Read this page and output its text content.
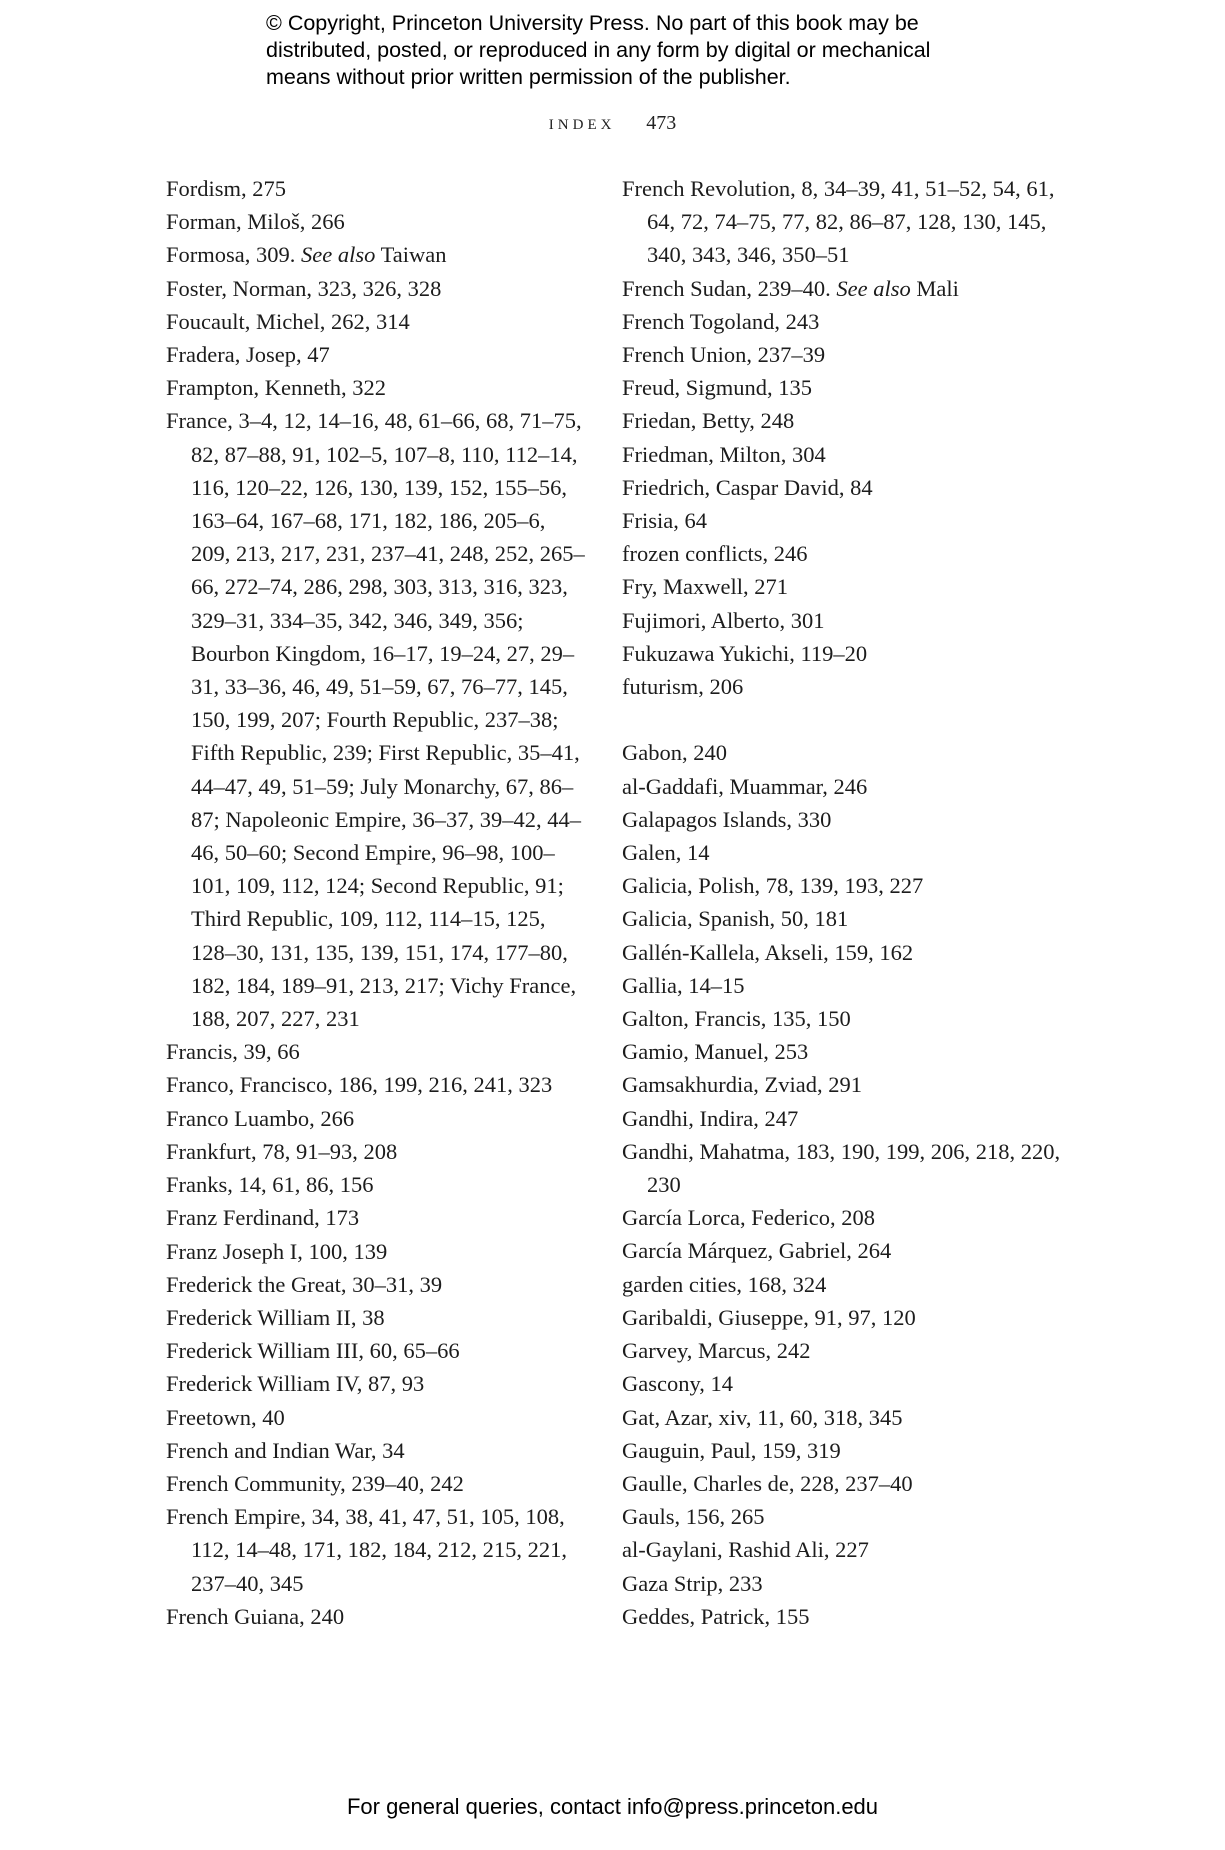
© Copyright, Princeton University Press. No part of this book may be
distributed, posted, or reproduced in any form by digital or mechanical
means without prior written permission of the publisher.
INDEX 473
Fordism, 275
Forman, Miloš, 266
Formosa, 309. See also Taiwan
Foster, Norman, 323, 326, 328
Foucault, Michel, 262, 314
Fradera, Josep, 47
Frampton, Kenneth, 322
France, 3–4, 12, 14–16, 48, 61–66, 68, 71–75, 82, 87–88, 91, 102–5, 107–8, 110, 112–14, 116, 120–22, 126, 130, 139, 152, 155–56, 163–64, 167–68, 171, 182, 186, 205–6, 209, 213, 217, 231, 237–41, 248, 252, 265–66, 272–74, 286, 298, 303, 313, 316, 323, 329–31, 334–35, 342, 346, 349, 356; Bourbon Kingdom, 16–17, 19–24, 27, 29–31, 33–36, 46, 49, 51–59, 67, 76–77, 145, 150, 199, 207; Fourth Republic, 237–38; Fifth Republic, 239; First Republic, 35–41, 44–47, 49, 51–59; July Monarchy, 67, 86–87; Napoleonic Empire, 36–37, 39–42, 44–46, 50–60; Second Empire, 96–98, 100–101, 109, 112, 124; Second Republic, 91; Third Republic, 109, 112, 114–15, 125, 128–30, 131, 135, 139, 151, 174, 177–80, 182, 184, 189–91, 213, 217; Vichy France, 188, 207, 227, 231
Francis, 39, 66
Franco, Francisco, 186, 199, 216, 241, 323
Franco Luambo, 266
Frankfurt, 78, 91–93, 208
Franks, 14, 61, 86, 156
Franz Ferdinand, 173
Franz Joseph I, 100, 139
Frederick the Great, 30–31, 39
Frederick William II, 38
Frederick William III, 60, 65–66
Frederick William IV, 87, 93
Freetown, 40
French and Indian War, 34
French Community, 239–40, 242
French Empire, 34, 38, 41, 47, 51, 105, 108, 112, 14–48, 171, 182, 184, 212, 215, 221, 237–40, 345
French Guiana, 240
French Revolution, 8, 34–39, 41, 51–52, 54, 61, 64, 72, 74–75, 77, 82, 86–87, 128, 130, 145, 340, 343, 346, 350–51
French Sudan, 239–40. See also Mali
French Togoland, 243
French Union, 237–39
Freud, Sigmund, 135
Friedan, Betty, 248
Friedman, Milton, 304
Friedrich, Caspar David, 84
Frisia, 64
frozen conflicts, 246
Fry, Maxwell, 271
Fujimori, Alberto, 301
Fukuzawa Yukichi, 119–20
futurism, 206
Gabon, 240
al-Gaddafi, Muammar, 246
Galapagos Islands, 330
Galen, 14
Galicia, Polish, 78, 139, 193, 227
Galicia, Spanish, 50, 181
Gallén-Kallela, Akseli, 159, 162
Gallia, 14–15
Galton, Francis, 135, 150
Gamio, Manuel, 253
Gamsakhurdia, Zviad, 291
Gandhi, Indira, 247
Gandhi, Mahatma, 183, 190, 199, 206, 218, 220, 230
García Lorca, Federico, 208
García Márquez, Gabriel, 264
garden cities, 168, 324
Garibaldi, Giuseppe, 91, 97, 120
Garvey, Marcus, 242
Gascony, 14
Gat, Azar, xiv, 11, 60, 318, 345
Gauguin, Paul, 159, 319
Gaulle, Charles de, 228, 237–40
Gauls, 156, 265
al-Gaylani, Rashid Ali, 227
Gaza Strip, 233
Geddes, Patrick, 155
For general queries, contact info@press.princeton.edu
